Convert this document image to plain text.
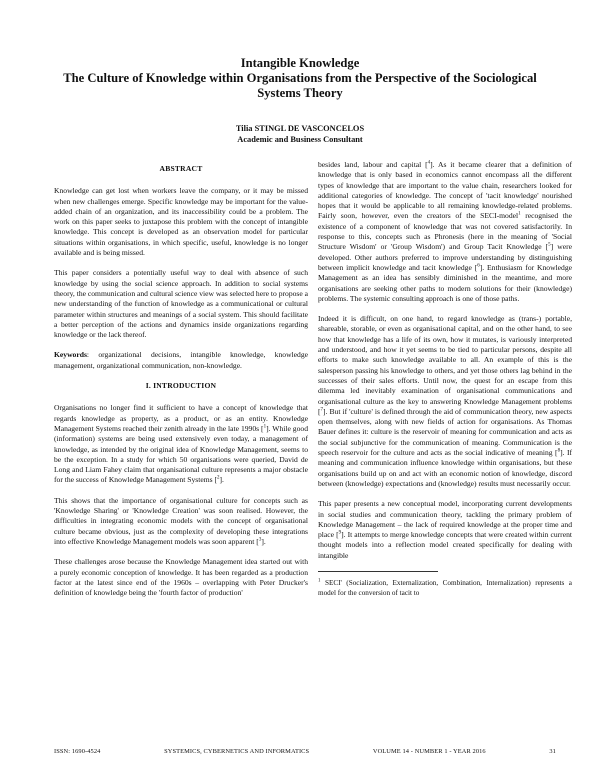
Intangible Knowledge
The Culture of Knowledge within Organisations from the Perspective of the Sociological Systems Theory
Tilia STINGL DE VASCONCELOS
Academic and Business Consultant
ABSTRACT

Knowledge can get lost when workers leave the company, or it may be missed when new challenges emerge. Specific knowledge may be important for the value-added chain of an organization, and its inaccessibility could be a problem. The work on this paper seeks to juxtapose this problem with the concept of intangible knowledge. This concept is developed as an observation model for particular situations within organisations, in which specific, useful, knowledge is no longer available and is being missed.

This paper considers a potentially useful way to deal with absence of such knowledge by using the social science approach. In addition to social systems theory, the communication and cultural science view was selected here to propose a new understanding of the function of knowledge as a communicational or cultural parameter within structures and meanings of a social system. This should facilitate a better perception of the actions and dynamics inside organizations regarding knowledge or the lack thereof.

Keywords: organizational decisions, intangible knowledge, knowledge management, organizational communication, non-knowledge.

I. INTRODUCTION

Organisations no longer find it sufficient to have a concept of knowledge that regards knowledge as property, as a product, or as an entity. Knowledge Management Systems reached their zenith already in the late 1990s [$^1$]. While good (information) systems are being used extensively even today, a management of knowledge, as intended by the original idea of Knowledge Management, seems to be the exception. In a study for which 50 organisations were queried, David de Long and Liam Fahey claim that organisational culture represents a major obstacle for the success of Knowledge Management Systems [$^2$].

This shows that the importance of organisational culture for concepts such as 'Knowledge Sharing' or 'Knowledge Creation' was soon realised. However, the difficulties in integrating economic models with the concept of organisational culture became obvious, just as the complexity of developing these integrations into effective Knowledge Management models was soon apparent [$^3$].

These challenges arose because the Knowledge Management idea started out with a purely economic conception of knowledge. It has been regarded as a production factor at the latest since end of the 1960s – overlapping with Peter Drucker's definition of knowledge being the 'fourth factor of production'

besides land, labour and capital [$^4$]. As it became clearer that a definition of knowledge that is only based in economics cannot encompass all the different types of knowledge that are important to the value chain, researchers looked for additional categories of knowledge. The concept of 'tacit knowledge' nourished hopes that it would be applicable to all remaining knowledge-related problems. Fairly soon, however, even the creators of the SECI-model$^1$ recognised the existence of a component of knowledge that was not covered satisfactorily. In response to this, concepts such as Phronesis (here in the meaning of 'Social Structure Wisdom' or 'Group Wisdom') and Group Tacit Knowledge [$^5$] were developed. Other authors preferred to improve understanding by distinguishing between implicit knowledge and tacit knowledge [$^6$]. Enthusiasm for Knowledge Management as an idea has sensibly diminished in the meantime, and more organisations are seeking other paths to modern solutions for their (knowledge) problems. The systemic consulting approach is one of those paths.

Indeed it is difficult, on one hand, to regard knowledge as (trans-) portable, shareable, storable, or even as organisational capital, and on the other hand, to see how that knowledge has a life of its own, how it mutates, is variously interpreted and understood, and how it yet seems to be tied to particular persons, despite all efforts to make such knowledge available to all. An example of this is the salesperson passing his knowledge to others, and yet those others lag behind in the successes of their sales efforts. Until now, the quest for an escape from this dilemma led inevitably examination of organisational communications and organisational culture as the key to answering Knowledge Management problems [$^7$]. But if 'culture' is defined through the aid of communication theory, new aspects open themselves, along with new fields of action for organisations. As Thomas Bauer defines it: culture is the reservoir of meaning for communication and acts as the social subjunctive for the communication of meaning. Communication is the speech reservoir for the culture and acts as the social indicative of meaning [$^8$]. If meaning and communication influence knowledge within organisations, but these organisations build up on and act with an economic notion of knowledge, discord between (knowledge) expectations and (knowledge) results must necessarily occur.

This paper presents a new conceptual model, incorporating current developments in social studies and communication theory, tackling the primary problem of Knowledge Management – the lack of required knowledge at the proper time and place [$^9$]. It attempts to merge knowledge concepts that were created within current thought models into a reflection model created specifically for dealing with intangible

$^1$ SECI' (Socialization, Externalization, Combination, Internalization) represents a model for the conversion of tacit to
ISSN: 1690-4524	SYSTEMICS, CYBERNETICS AND INFORMATICS	VOLUME 14 - NUMBER 1 - YEAR 2016	31
